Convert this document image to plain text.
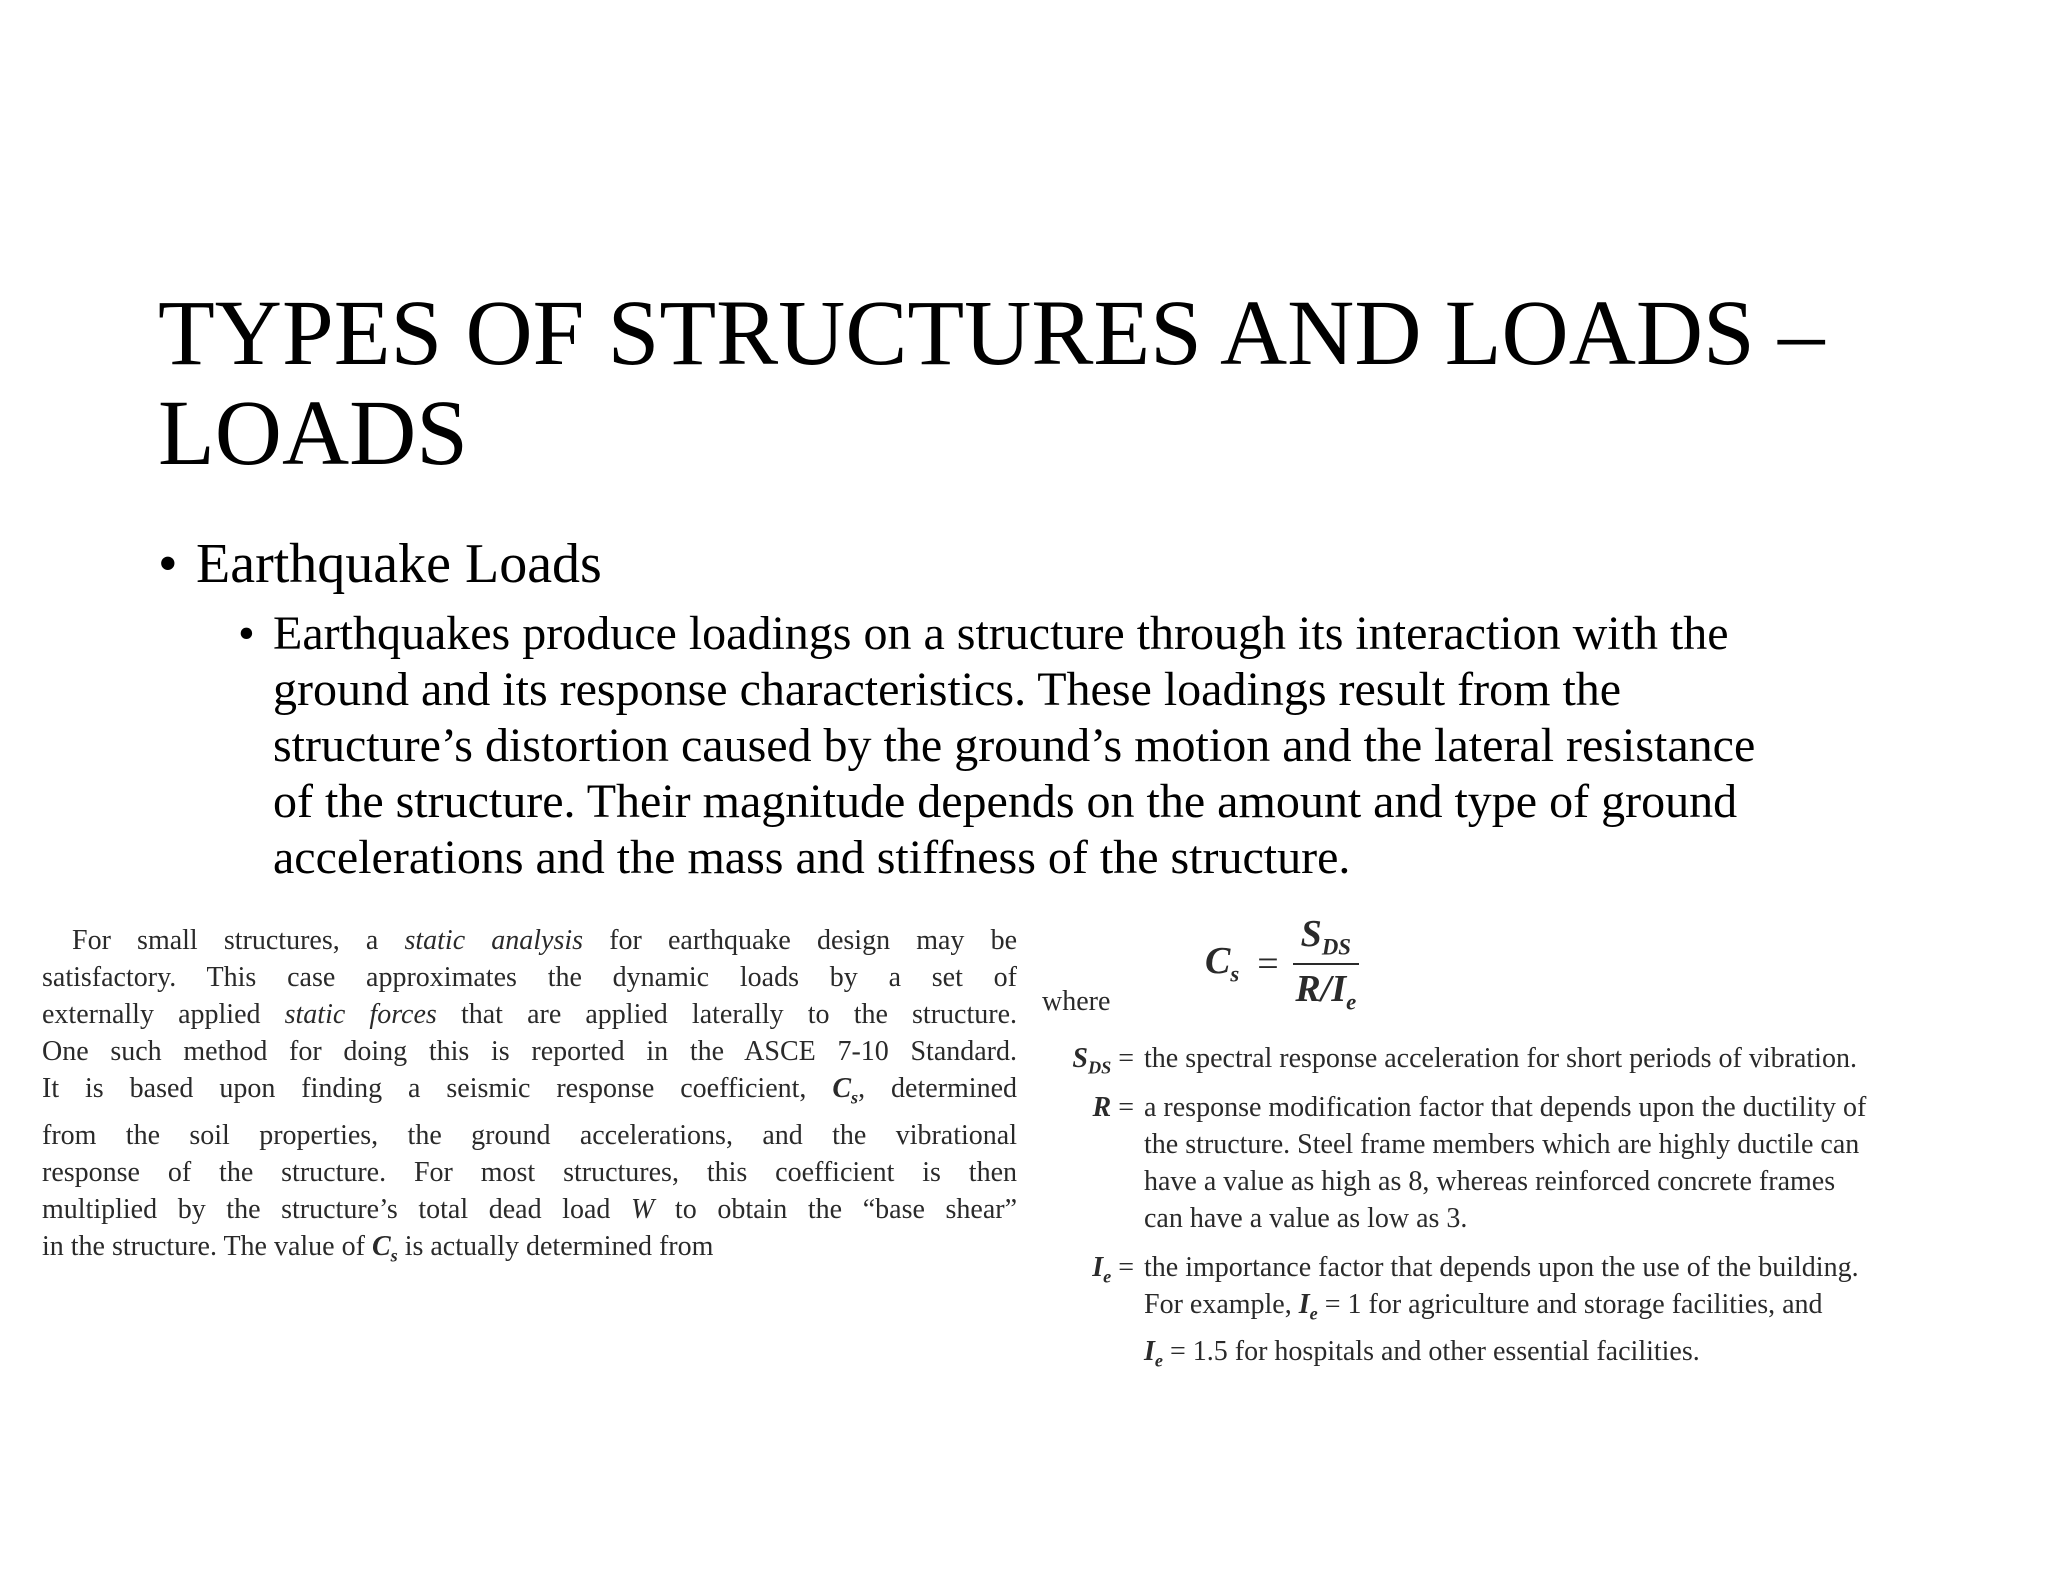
TYPES OF STRUCTURES AND LOADS –
LOADS
• Earthquake Loads
• Earthquakes produce loadings on a structure through its interaction with the
ground and its response characteristics. These loadings result from the
structure’s distortion caused by the ground’s motion and the lateral resistance
of the structure. Their magnitude depends on the amount and type of ground
accelerations and the mass and stiffness of the structure.
For small structures, a static analysis for earthquake design may be
satisfactory. This case approximates the dynamic loads by a set of
externally applied static forces that are applied laterally to the structure.
One such method for doing this is reported in the ASCE 7-10 Standard.
It is based upon finding a seismic response coefficient, $C_s$, determined
from the soil properties, the ground accelerations, and the vibrational
response of the structure. For most structures, this coefficient is then
multiplied by the structure’s total dead load W to obtain the “base shear”
in the structure. The value of $C_s$ is actually determined from
$C_s = \frac{S_{DS}}{R/I_e}$
where
$S_{DS}$ = the spectral response acceleration for short periods of vibration.
R = a response modification factor that depends upon the ductility of
the structure. Steel frame members which are highly ductile can
have a value as high as 8, whereas reinforced concrete frames
can have a value as low as 3.
$I_e$ = the importance factor that depends upon the use of the building.
For example, $I_e = 1$ for agriculture and storage facilities, and
$I_e = 1.5$ for hospitals and other essential facilities.
